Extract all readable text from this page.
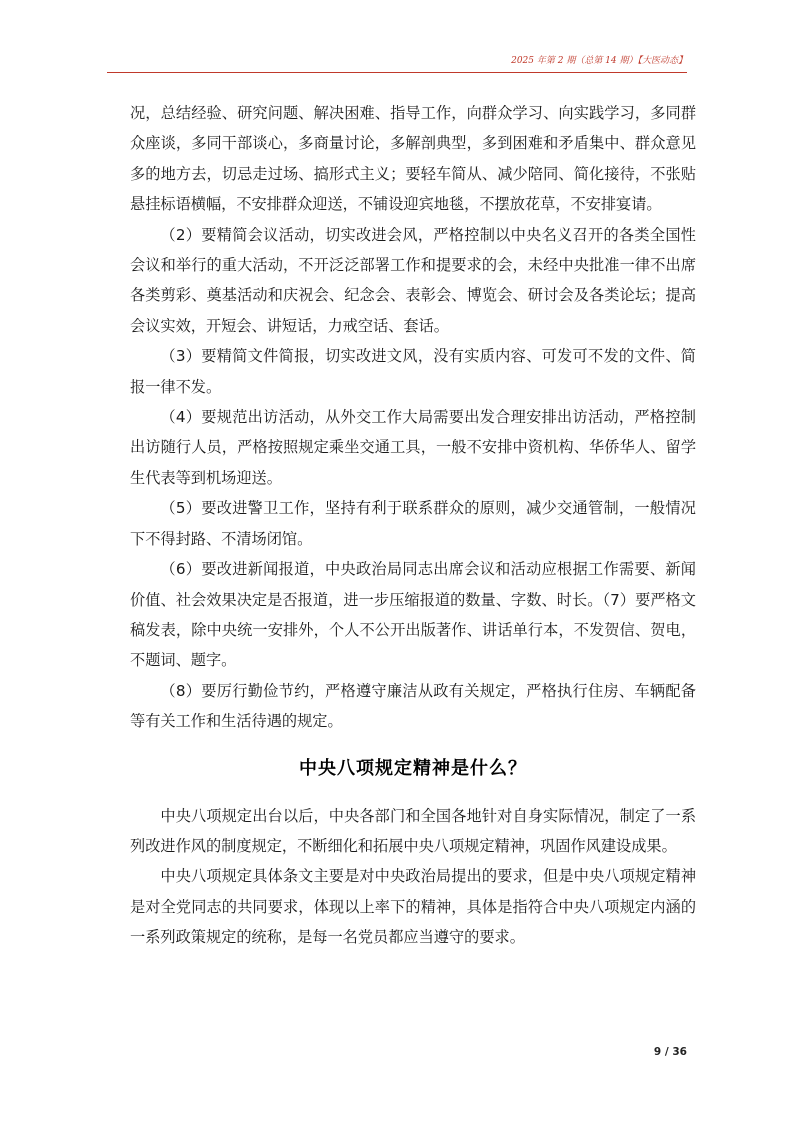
2025 年第 2 期（总第 14 期）【大医动态】

况，总结经验、研究问题、解决困难、指导工作，向群众学习、向实践学习，多同群众座谈，多同干部谈心，多商量讨论，多解剖典型，多到困难和矛盾集中、群众意见多的地方去，切忌走过场、搞形式主义；要轻车简从、减少陪同、简化接待，不张贴悬挂标语横幅，不安排群众迎送，不铺设迎宾地毯，不摆放花草，不安排宴请。

（2）要精简会议活动，切实改进会风，严格控制以中央名义召开的各类全国性会议和举行的重大活动，不开泛泛部署工作和提要求的会，未经中央批准一律不出席各类剪彩、奠基活动和庆祝会、纪念会、表彰会、博览会、研讨会及各类论坛；提高会议实效，开短会、讲短话，力戒空话、套话。

（3）要精简文件简报，切实改进文风，没有实质内容、可发可不发的文件、简报一律不发。

（4）要规范出访活动，从外交工作大局需要出发合理安排出访活动，严格控制出访随行人员，严格按照规定乘坐交通工具，一般不安排中资机构、华侨华人、留学生代表等到机场迎送。

（5）要改进警卫工作，坚持有利于联系群众的原则，减少交通管制，一般情况下不得封路、不清场闭馆。

（6）要改进新闻报道，中央政治局同志出席会议和活动应根据工作需要、新闻价值、社会效果决定是否报道，进一步压缩报道的数量、字数、时长。（7）要严格文稿发表，除中央统一安排外，个人不公开出版著作、讲话单行本，不发贺信、贺电，不题词、题字。

（8）要厉行勤俭节约，严格遵守廉洁从政有关规定，严格执行住房、车辆配备等有关工作和生活待遇的规定。

中央八项规定精神是什么？

中央八项规定出台以后，中央各部门和全国各地针对自身实际情况，制定了一系列改进作风的制度规定，不断细化和拓展中央八项规定精神，巩固作风建设成果。

中央八项规定具体条文主要是对中央政治局提出的要求，但是中央八项规定精神是对全党同志的共同要求，体现以上率下的精神，具体是指符合中央八项规定内涵的一系列政策规定的统称，是每一名党员都应当遵守的要求。

9 / 36
